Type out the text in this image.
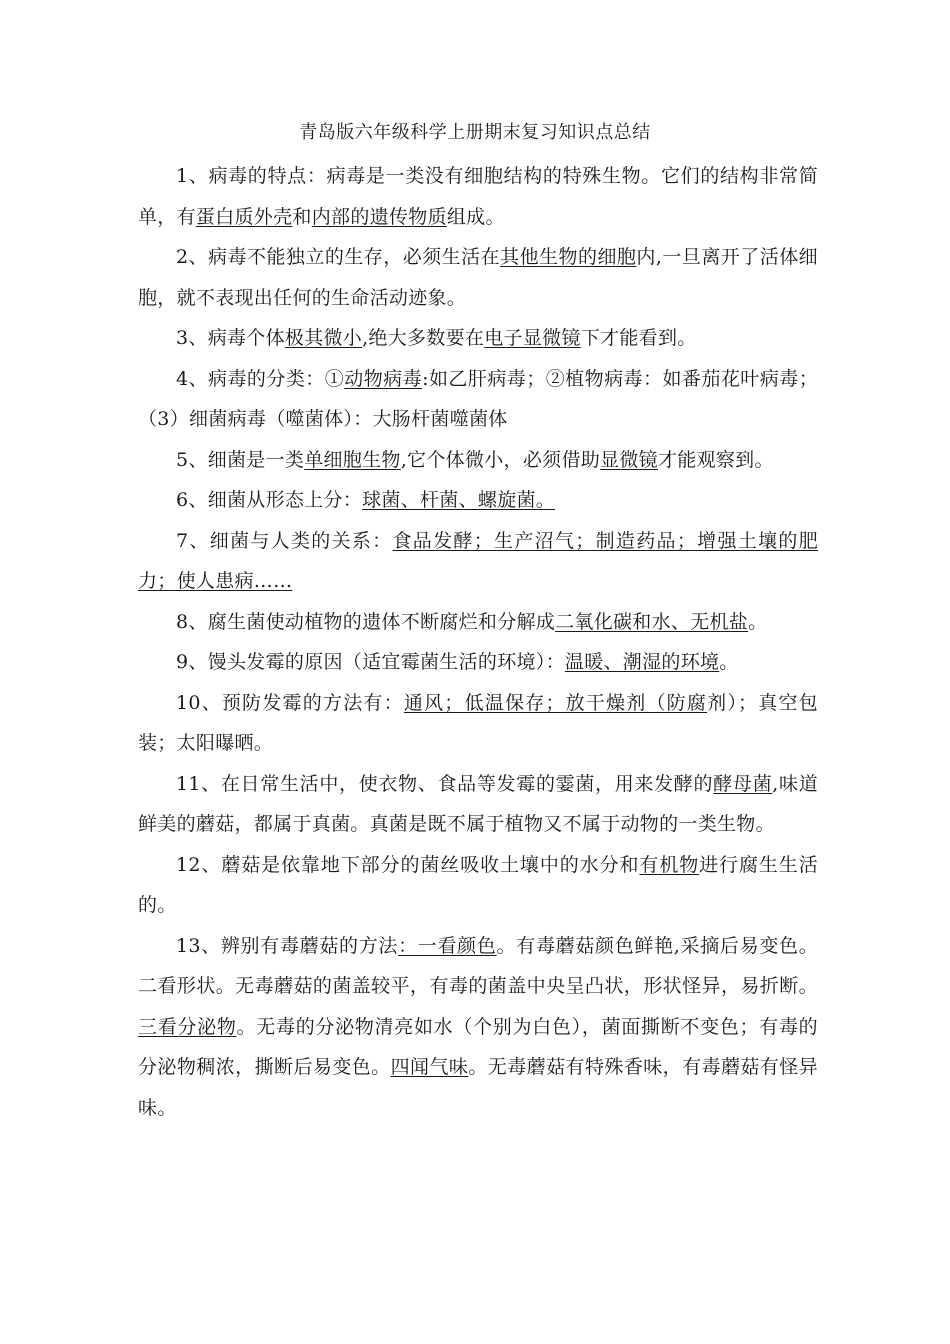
青岛版六年级科学上册期末复习知识点总结

1、病毒的特点：病毒是一类没有细胞结构的特殊生物。它们的结构非常简单，有蛋白质外壳和内部的遗传物质组成。

2、病毒不能独立的生存，必须生活在其他生物的细胞内,一旦离开了活体细胞，就不表现出任何的生命活动迹象。

3、病毒个体极其微小,绝大多数要在电子显微镜下才能看到。

4、病毒的分类：①动物病毒:如乙肝病毒；②植物病毒：如番茄花叶病毒；（3）细菌病毒（噬菌体）：大肠杆菌噬菌体

5、细菌是一类单细胞生物,它个体微小，必须借助显微镜才能观察到。

6、细菌从形态上分：球菌、杆菌、螺旋菌。

7、细菌与人类的关系：食品发酵；生产沼气；制造药品；增强土壤的肥力；使人患病……

8、腐生菌使动植物的遗体不断腐烂和分解成二氧化碳和水、无机盐。

9、馒头发霉的原因（适宜霉菌生活的环境）：温暖、潮湿的环境。

10、预防发霉的方法有：通风；低温保存；放干燥剂（防腐剂）；真空包装；太阳曝晒。

11、在日常生活中，使衣物、食品等发霉的霎菌，用来发酵的酵母菌,味道鲜美的蘑菇，都属于真菌。真菌是既不属于植物又不属于动物的一类生物。

12、蘑菇是依靠地下部分的菌丝吸收土壤中的水分和有机物进行腐生生活的。

13、辨别有毒蘑菇的方法：一看颜色。有毒蘑菇颜色鲜艳,采摘后易变色。二看形状。无毒蘑菇的菌盖较平，有毒的菌盖中央呈凸状，形状怪异，易折断。三看分泌物。无毒的分泌物清亮如水（个别为白色），菌面撕断不变色；有毒的分泌物稠浓，撕断后易变色。四闻气味。无毒蘑菇有特殊香味，有毒蘑菇有怪异味。
